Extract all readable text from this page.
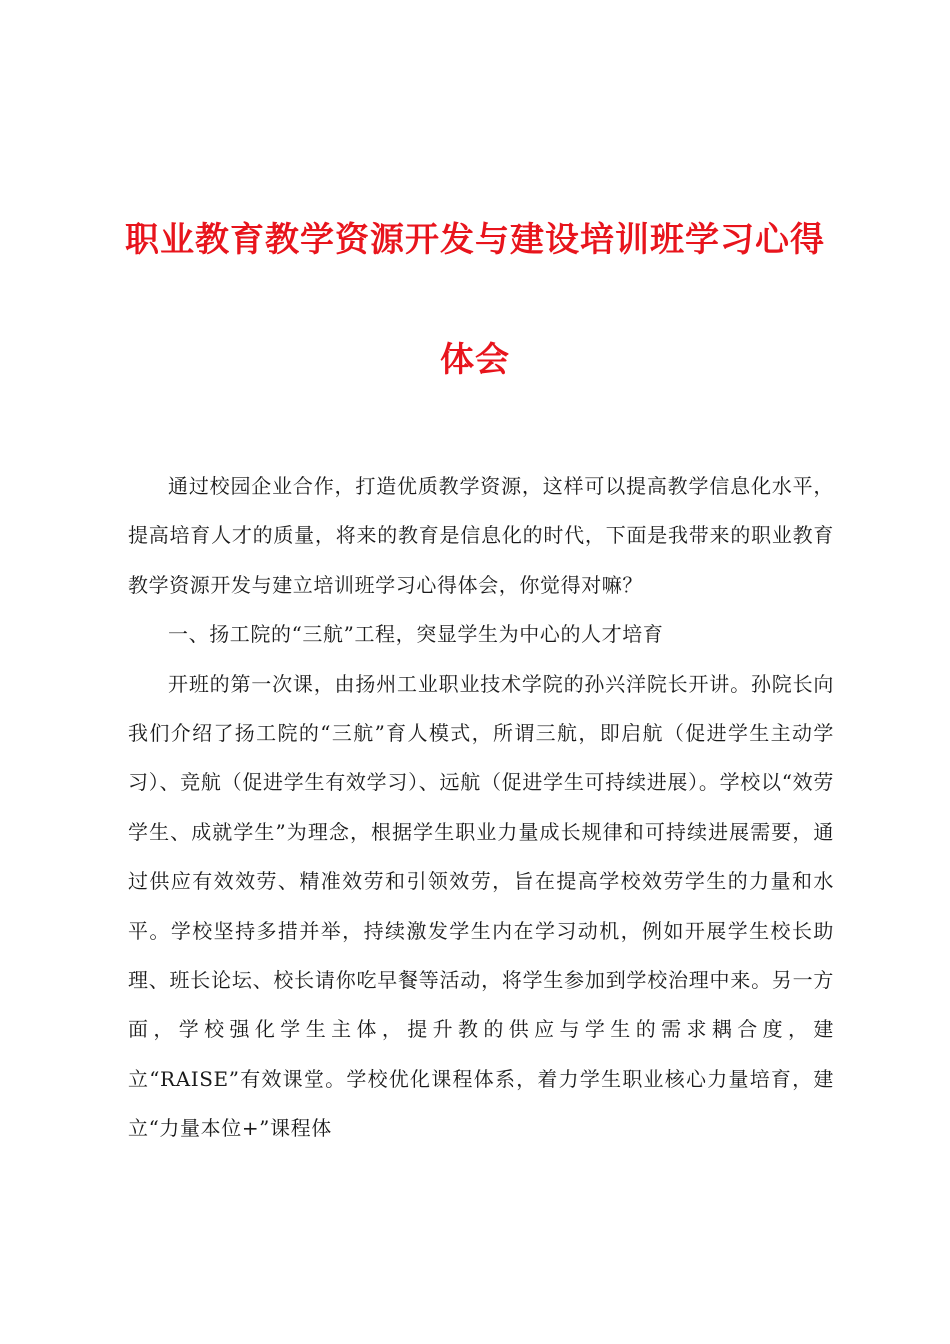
职业教育教学资源开发与建设培训班学习心得
体会

通过校园企业合作，打造优质教学资源，这样可以提高教学信息化水平，提高培育人才的质量，将来的教育是信息化的时代，下面是我带来的职业教育教学资源开发与建立培训班学习心得体会，你觉得对嘛？

一、扬工院的“三航”工程，突显学生为中心的人才培育

开班的第一次课，由扬州工业职业技术学院的孙兴洋院长开讲。孙院长向我们介绍了扬工院的“三航”育人模式，所谓三航，即启航（促进学生主动学习）、竞航（促进学生有效学习）、远航（促进学生可持续进展）。学校以“效劳学生、成就学生”为理念，根据学生职业力量成长规律和可持续进展需要，通过供应有效效劳、精准效劳和引领效劳，旨在提高学校效劳学生的力量和水平。学校坚持多措并举，持续激发学生内在学习动机，例如开展学生校长助理、班长论坛、校长请你吃早餐等活动，将学生参加到学校治理中来。另一方面，学校强化学生主体，提升教的供应与学生的需求耦合度，建立“RAISE”有效课堂。学校优化课程体系，着力学生职业核心力量培育，建立“力量本位+”课程体
